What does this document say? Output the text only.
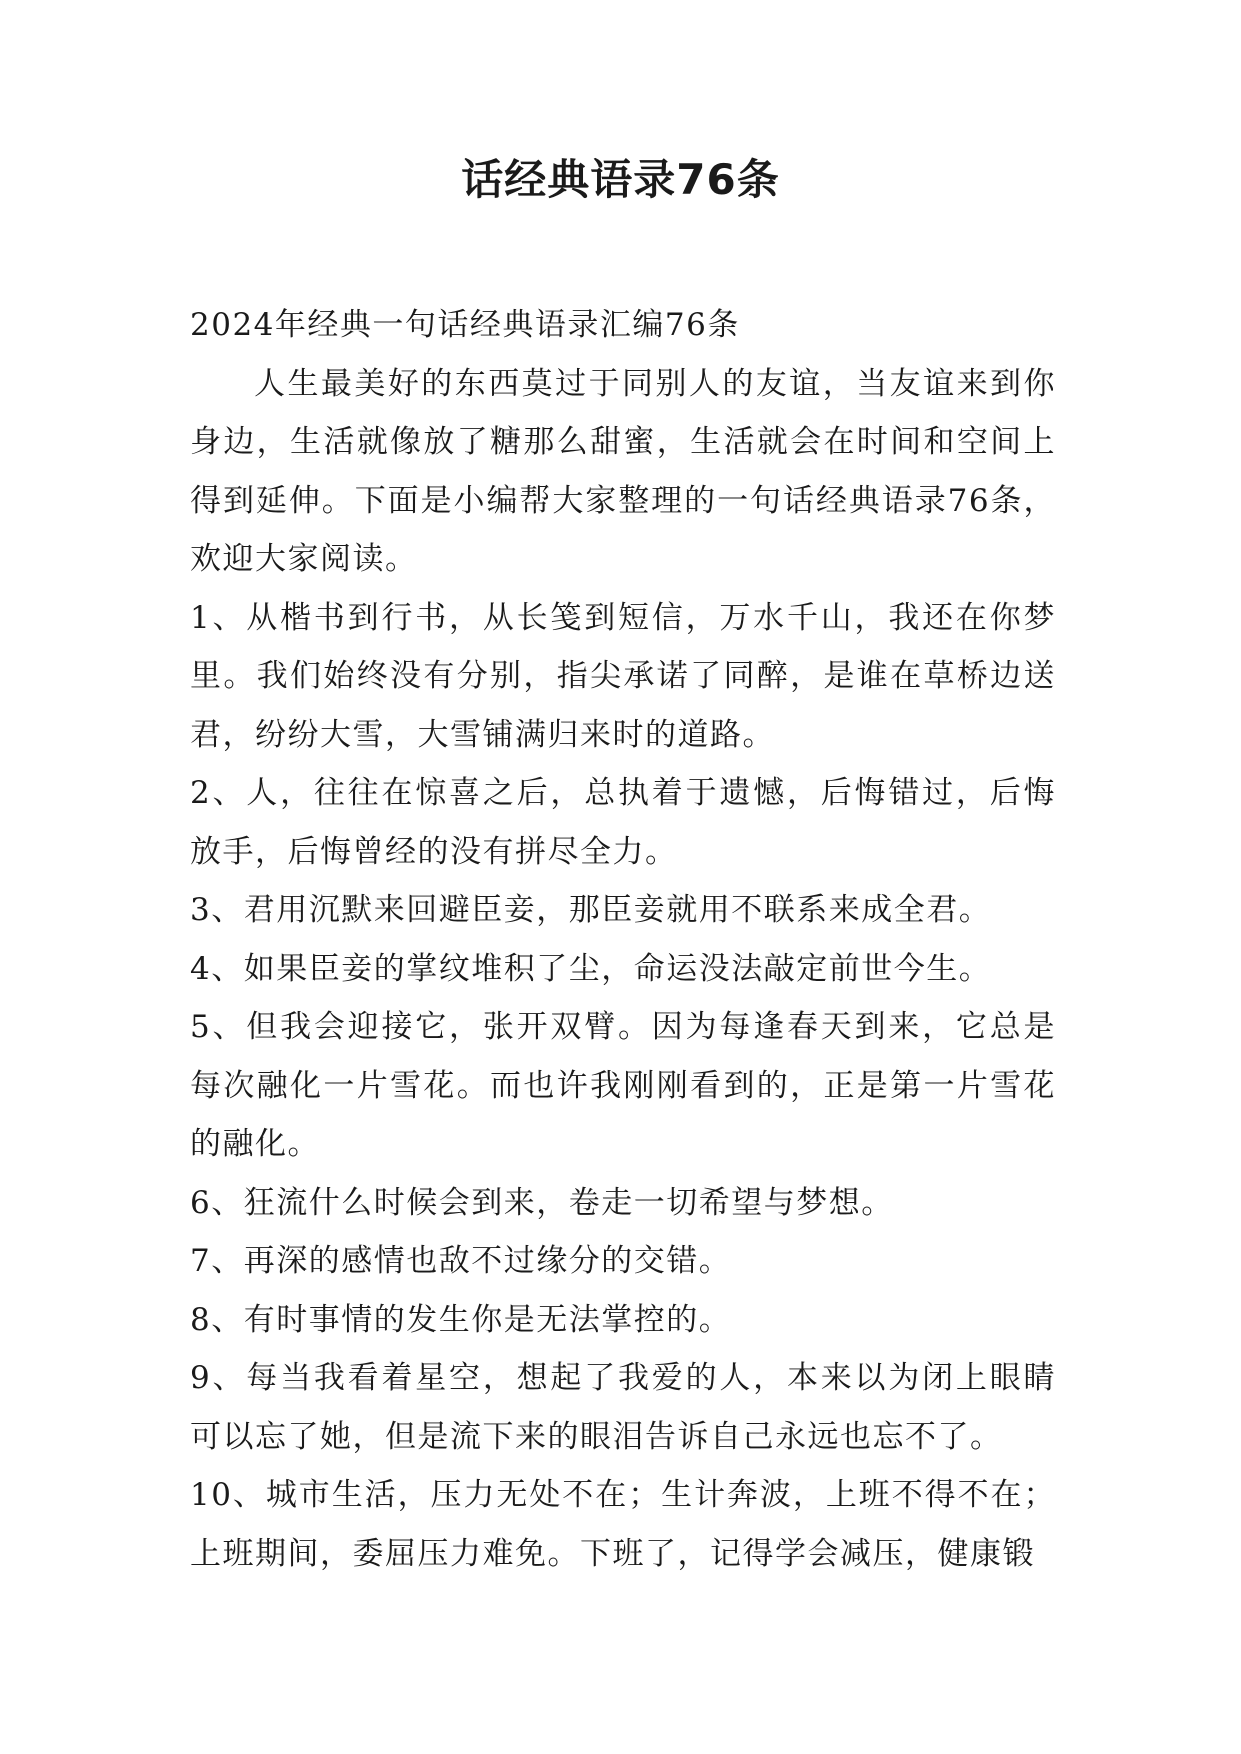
话经典语录76条

2024年经典一句话经典语录汇编76条

人生最美好的东西莫过于同别人的友谊，当友谊来到你身边，生活就像放了糖那么甜蜜，生活就会在时间和空间上得到延伸。下面是小编帮大家整理的一句话经典语录76条，欢迎大家阅读。

1、从楷书到行书，从长笺到短信，万水千山，我还在你梦里。我们始终没有分别，指尖承诺了同醉，是谁在草桥边送君，纷纷大雪，大雪铺满归来时的道路。

2、人，往往在惊喜之后，总执着于遗憾，后悔错过，后悔放手，后悔曾经的没有拼尽全力。

3、君用沉默来回避臣妾，那臣妾就用不联系来成全君。

4、如果臣妾的掌纹堆积了尘，命运没法敲定前世今生。

5、但我会迎接它，张开双臂。因为每逢春天到来，它总是每次融化一片雪花。而也许我刚刚看到的，正是第一片雪花的融化。

6、狂流什么时候会到来，卷走一切希望与梦想。

7、再深的感情也敌不过缘分的交错。

8、有时事情的发生你是无法掌控的。

9、每当我看着星空，想起了我爱的人，本来以为闭上眼睛可以忘了她，但是流下来的眼泪告诉自己永远也忘不了。

10、城市生活，压力无处不在；生计奔波，上班不得不在；上班期间，委屈压力难免。下班了，记得学会减压，健康锻
